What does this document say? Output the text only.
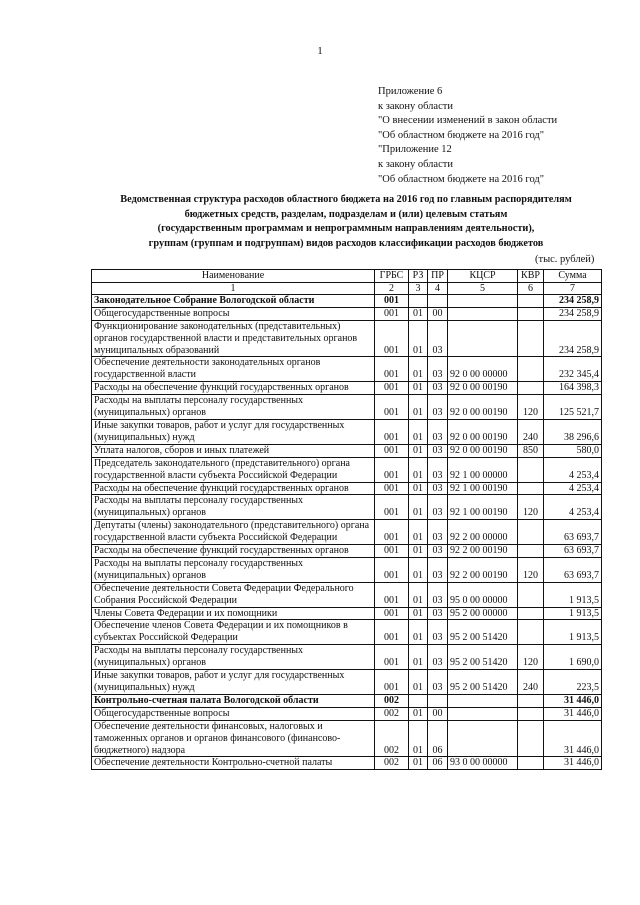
1
Приложение 6
к закону области
"О внесении изменений в закон области
"Об областном бюджете на 2016 год"
"Приложение 12
к закону области
"Об областном бюджете на 2016 год"
Ведомственная структура расходов областного бюджета на 2016 год по главным распорядителям
бюджетных средств, разделам, подразделам и (или) целевым статьям
(государственным программам и непрограммным направлениям деятельности),
группам (группам и подгруппам) видов расходов классификации расходов бюджетов
(тыс. рублей)
Наименование	ГРБС	РЗ	ПР	КЦСР	КВР	Сумма
1	2	3	4	5	6	7
Законодательное Собрание Вологодской области	001					234 258,9
Общегосударственные вопросы	001	01	00			234 258,9
Функционирование законодательных (представительных) органов государственной власти и представительных органов муниципальных образований	001	01	03			234 258,9
Обеспечение деятельности законодательных органов государственной власти	001	01	03	92 0 00 00000		232 345,4
Расходы на обеспечение функций государственных органов	001	01	03	92 0 00 00190		164 398,3
Расходы на выплаты персоналу государственных (муниципальных) органов	001	01	03	92 0 00 00190	120	125 521,7
Иные закупки товаров, работ и услуг для государственных (муниципальных) нужд	001	01	03	92 0 00 00190	240	38 296,6
Уплата налогов, сборов и иных платежей	001	01	03	92 0 00 00190	850	580,0
Председатель законодательного (представительного) органа государственной власти субъекта Российской Федерации	001	01	03	92 1 00 00000		4 253,4
Расходы на обеспечение функций государственных органов	001	01	03	92 1 00 00190		4 253,4
Расходы на выплаты персоналу государственных (муниципальных) органов	001	01	03	92 1 00 00190	120	4 253,4
Депутаты (члены) законодательного (представительного) органа государственной власти субъекта Российской Федерации	001	01	03	92 2 00 00000		63 693,7
Расходы на обеспечение функций государственных органов	001	01	03	92 2 00 00190		63 693,7
Расходы на выплаты персоналу государственных (муниципальных) органов	001	01	03	92 2 00 00190	120	63 693,7
Обеспечение деятельности Совета Федерации Федерального Собрания Российской Федерации	001	01	03	95 0 00 00000		1 913,5
Члены Совета Федерации и их помощники	001	01	03	95 2 00 00000		1 913,5
Обеспечение членов Совета Федерации и их помощников в субъектах Российской Федерации	001	01	03	95 2 00 51420		1 913,5
Расходы на выплаты персоналу государственных (муниципальных) органов	001	01	03	95 2 00 51420	120	1 690,0
Иные закупки товаров, работ и услуг для государственных (муниципальных) нужд	001	01	03	95 2 00 51420	240	223,5
Контрольно-счетная палата Вологодской области	002					31 446,0
Общегосударственные вопросы	002	01	00			31 446,0
Обеспечение деятельности финансовых, налоговых и таможенных органов и органов финансового (финансово-бюджетного) надзора	002	01	06			31 446,0
Обеспечение деятельности Контрольно-счетной палаты	002	01	06	93 0 00 00000		31 446,0
